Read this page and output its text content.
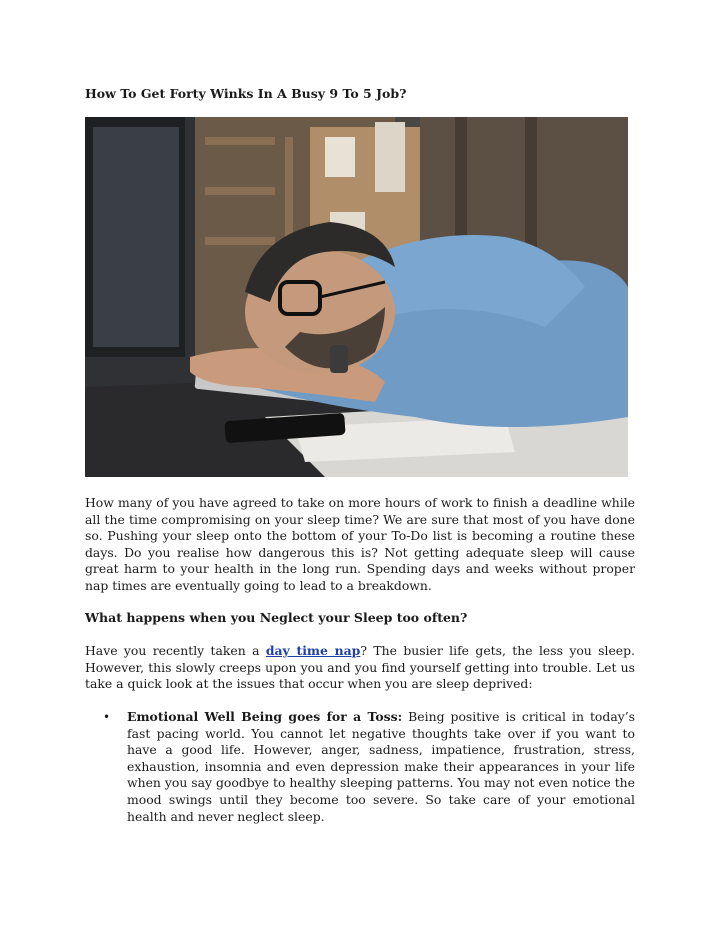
How To Get Forty Winks In A Busy 9 To 5 Job?

How many of you have agreed to take on more hours of work to finish a deadline while all the time compromising on your sleep time? We are sure that most of you have done so. Pushing your sleep onto the bottom of your To-Do list is becoming a routine these days. Do you realise how dangerous this is? Not getting adequate sleep will cause great harm to your health in the long run. Spending days and weeks without proper nap times are eventually going to lead to a breakdown.

What happens when you Neglect your Sleep too often?

Have you recently taken a day time nap? The busier life gets, the less you sleep. However, this slowly creeps upon you and you find yourself getting into trouble. Let us take a quick look at the issues that occur when you are sleep deprived:

• Emotional Well Being goes for a Toss: Being positive is critical in today’s fast pacing world. You cannot let negative thoughts take over if you want to have a good life. However, anger, sadness, impatience, frustration, stress, exhaustion, insomnia and even depression make their appearances in your life when you say goodbye to healthy sleeping patterns. You may not even notice the mood swings until they become too severe. So take care of your emotional health and never neglect sleep.
